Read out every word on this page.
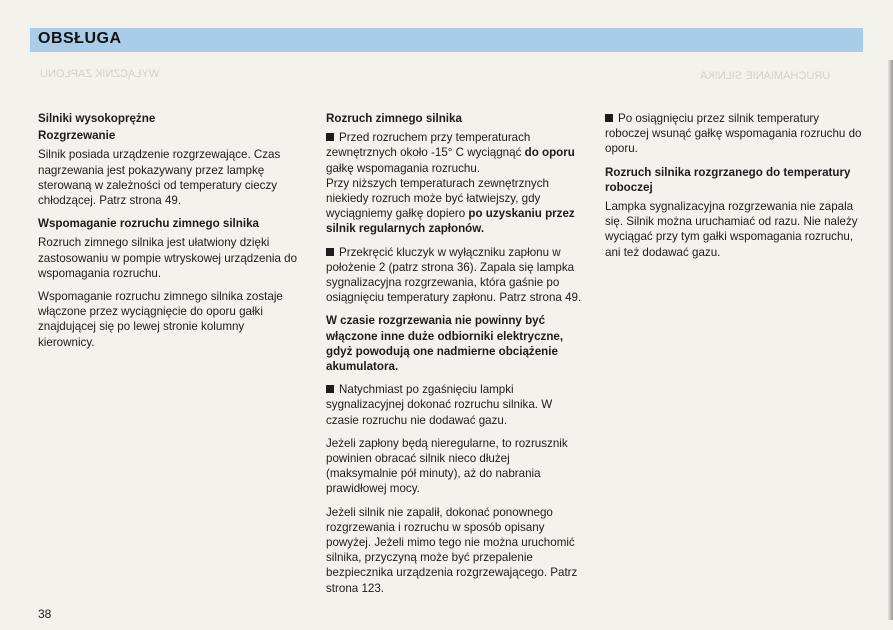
OBSŁUGA
WYŁĄCZNIK ZAPŁONU	URUCHAMIANIE SILNIKA
Silniki wysokoprężne
Rozgrzewanie

Silnik posiada urządzenie rozgrzewające. Czas nagrzewania jest pokazywany przez lampkę sterowaną w zależności od temperatury cieczy chłodzącej. Patrz strona 49.

Wspomaganie rozruchu zimnego silnika

Rozruch zimnego silnika jest ułatwiony dzięki zastosowaniu w pompie wtryskowej urządzenia do wspomagania rozruchu.

Wspomaganie rozruchu zimnego silnika zostaje włączone przez wyciągnięcie do oporu gałki znajdującej się po lewej stronie kolumny kierownicy.

Rozruch zimnego silnika

Przed rozruchem przy temperaturach zewnętrznych około -15° C wyciągnąć do oporu gałkę wspomagania rozruchu.

Przy niższych temperaturach zewnętrznych niekiedy rozruch może być łatwiejszy, gdy wyciągniemy gałkę dopiero po uzyskaniu przez silnik regularnych zapłonów.

Przekręcić kluczyk w wyłączniku zapłonu w położenie 2 (patrz strona 36). Zapala się lampka sygnalizacyjna rozgrzewania, która gaśnie po osiągnięciu temperatury zapłonu. Patrz strona 49.

W czasie rozgrzewania nie powinny być włączone inne duże odbiorniki elektryczne, gdyż powodują one nadmierne obciążenie akumulatora.

Natychmiast po zgaśnięciu lampki sygnalizacyjnej dokonać rozruchu silnika. W czasie rozruchu nie dodawać gazu.

Jeżeli zapłony będą nieregularne, to rozrusznik powinien obracać silnik nieco dłużej (maksymalnie pół minuty), aż do nabrania prawidłowej mocy.

Jeżeli silnik nie zapalił, dokonać ponownego rozgrzewania i rozruchu w sposób opisany powyżej. Jeżeli mimo tego nie można uruchomić silnika, przyczyną może być przepalenie bezpiecznika urządzenia rozgrzewającego. Patrz strona 123.

Po osiągnięciu przez silnik temperatury roboczej wsunąć gałkę wspomagania rozruchu do oporu.

Rozruch silnika rozgrzanego do temperatury roboczej

Lampka sygnalizacyjna rozgrzewania nie zapala się. Silnik można uruchamiać od razu. Nie należy wyciągać przy tym gałki wspomagania rozruchu, ani też dodawać gazu.

38
